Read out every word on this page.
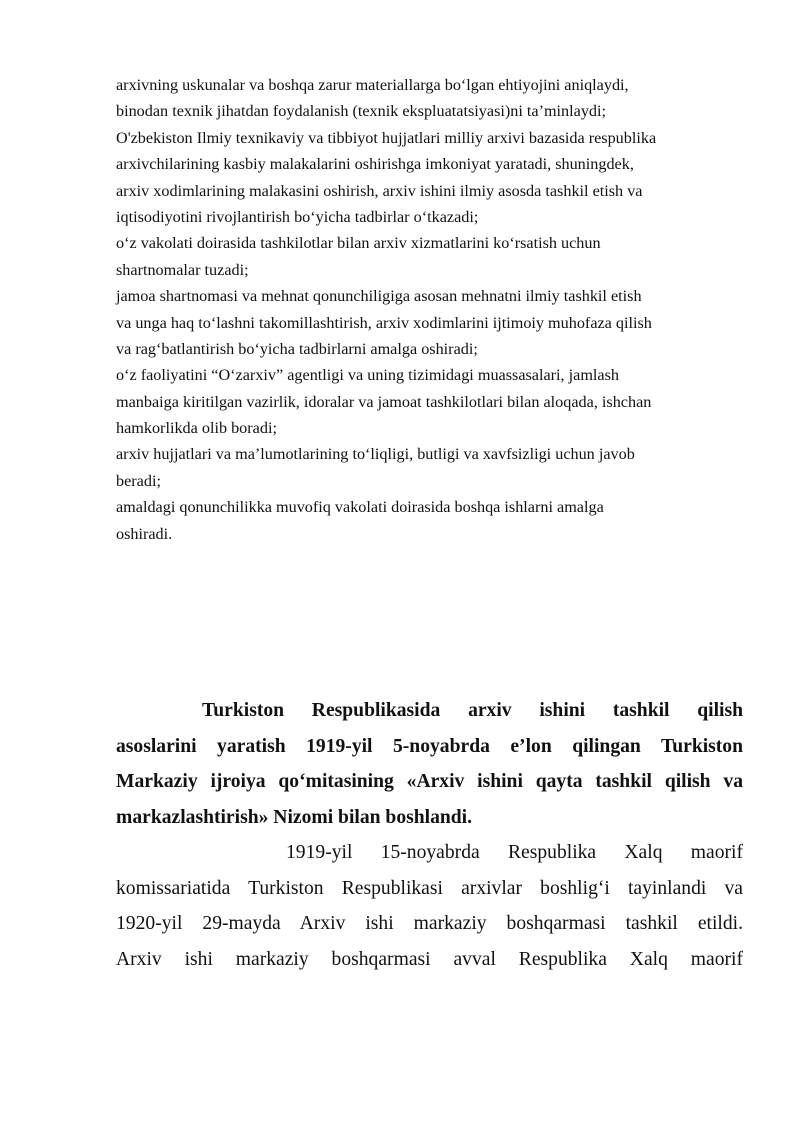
arxivning uskunalar va boshqa zarur materiallarga bo‘lgan ehtiyojini aniqlaydi,
binodan texnik jihatdan foydalanish (texnik ekspluatatsiyasi)ni ta’minlaydi;
O'zbekiston Ilmiy texnikaviy va tibbiyot hujjatlari milliy arxivi bazasida respublika
arxivchilarining kasbiy malakalarini oshirishga imkoniyat yaratadi, shuningdek,
arxiv xodimlarining malakasini oshirish, arxiv ishini ilmiy asosda tashkil etish va
iqtisodiyotini rivojlantirish bo‘yicha tadbirlar o‘tkazadi;
o‘z vakolati doirasida tashkilotlar bilan arxiv xizmatlarini ko‘rsatish uchun
shartnomalar tuzadi;
jamoa shartnomasi va mehnat qonunchiligiga asosan mehnatni ilmiy tashkil etish
va unga haq to‘lashni takomillashtirish, arxiv xodimlarini ijtimoiy muhofaza qilish
va rag‘batlantirish bo‘yicha tadbirlarni amalga oshiradi;
o‘z faoliyatini “O‘zarxiv” agentligi va uning tizimidagi muassasalari, jamlash
manbaiga kiritilgan vazirlik, idoralar va jamoat tashkilotlari bilan aloqada, ishchan
hamkorlikda olib boradi;
arxiv hujjatlari va ma’lumotlarining to‘liqligi, butligi va xavfsizligi uchun javob
beradi;
amaldagi qonunchilikka muvofiq vakolati doirasida boshqa ishlarni amalga
oshiradi.
Turkiston Respublikasida arxiv ishini tashkil qilish
asoslarini yaratish 1919-yil 5-noyabrda e’lon qilingan Turkiston
Markaziy ijroiya qo‘mitasining «Arxiv ishini qayta tashkil qilish va
markazlashtirish» Nizomi bilan boshlandi.
1919-yil 15-noyabrda Respublika Xalq maorif
komissariatida Turkiston Respublikasi arxivlar boshlig‘i tayinlandi va
1920-yil 29-mayda Arxiv ishi markaziy boshqarmasi tashkil etildi.
Arxiv ishi markaziy boshqarmasi avval Respublika Xalq maorif
